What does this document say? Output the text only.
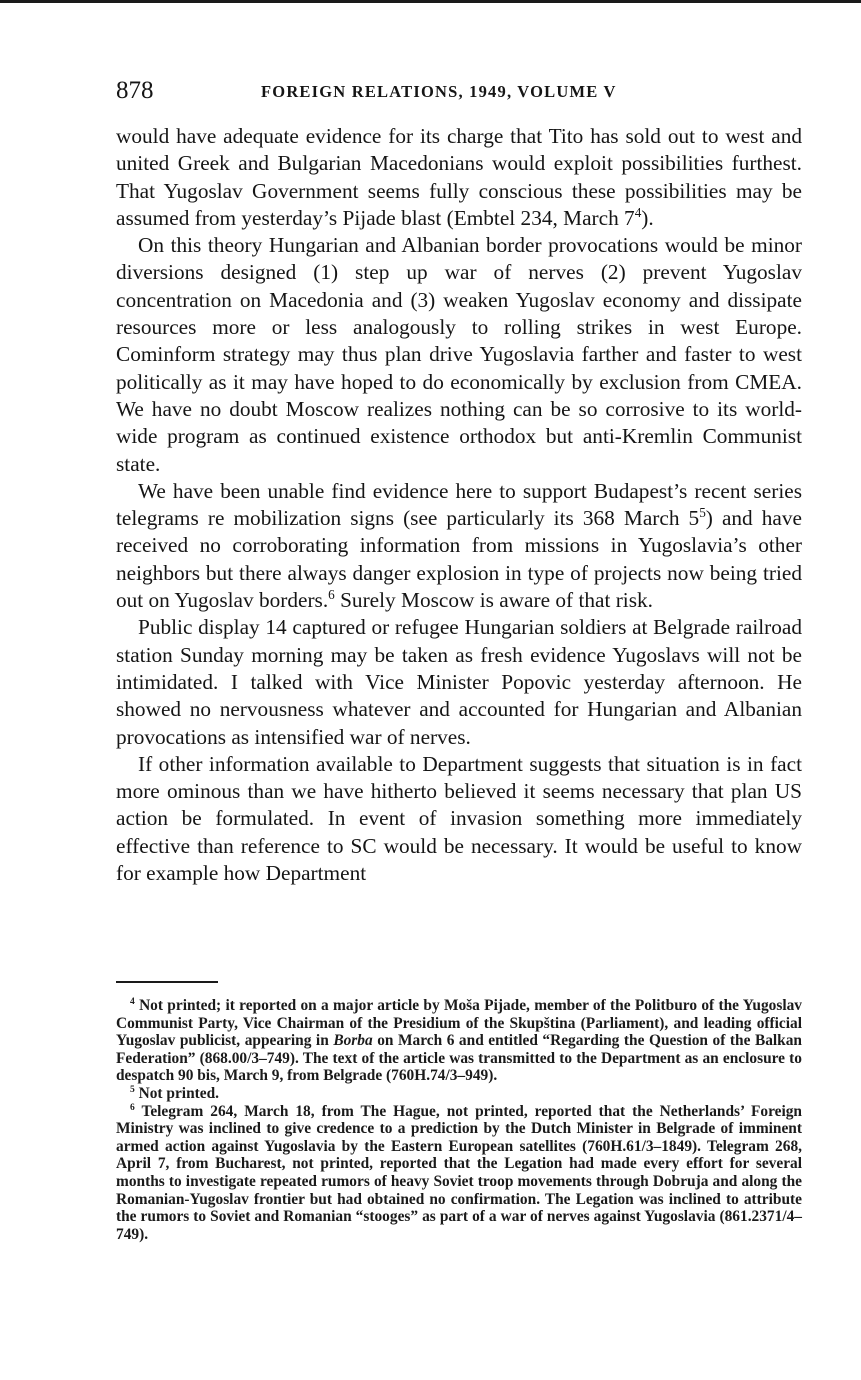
878	FOREIGN RELATIONS, 1949, VOLUME V

would have adequate evidence for its charge that Tito has sold out to west and united Greek and Bulgarian Macedonians would exploit possibilities furthest. That Yugoslav Government seems fully conscious these possibilities may be assumed from yesterday’s Pijade blast (Embtel 234, March $7^4$).

On this theory Hungarian and Albanian border provocations would be minor diversions designed (1) step up war of nerves (2) prevent Yugoslav concentration on Macedonia and (3) weaken Yugoslav economy and dissipate resources more or less analogously to rolling strikes in west Europe. Cominform strategy may thus plan drive Yugoslavia farther and faster to west politically as it may have hoped to do economically by exclusion from CMEA. We have no doubt Moscow realizes nothing can be so corrosive to its world-wide program as continued existence orthodox but anti-Kremlin Communist state.

We have been unable find evidence here to support Budapest’s recent series telegrams re mobilization signs (see particularly its 368 March $5^5$) and have received no corroborating information from missions in Yugoslavia’s other neighbors but there always danger explosion in type of projects now being tried out on Yugoslav borders.$^6$ Surely Moscow is aware of that risk.

Public display 14 captured or refugee Hungarian soldiers at Belgrade railroad station Sunday morning may be taken as fresh evidence Yugoslavs will not be intimidated. I talked with Vice Minister Popovic yesterday afternoon. He showed no nervousness whatever and accounted for Hungarian and Albanian provocations as intensified war of nerves.

If other information available to Department suggests that situation is in fact more ominous than we have hitherto believed it seems necessary that plan US action be formulated. In event of invasion something more immediately effective than reference to SC would be necessary. It would be useful to know for example how Department

$^4$ Not printed; it reported on a major article by Moša Pijade, member of the Politburo of the Yugoslav Communist Party, Vice Chairman of the Presidium of the Skupština (Parliament), and leading official Yugoslav publicist, appearing in Borba on March 6 and entitled “Regarding the Question of the Balkan Federation” (868.00/3–749). The text of the article was transmitted to the Department as an enclosure to despatch 90 bis, March 9, from Belgrade (760H.74/3–949).

$^5$ Not printed.

$^6$ Telegram 264, March 18, from The Hague, not printed, reported that the Netherlands’ Foreign Ministry was inclined to give credence to a prediction by the Dutch Minister in Belgrade of imminent armed action against Yugoslavia by the Eastern European satellites (760H.61/3–1849). Telegram 268, April 7, from Bucharest, not printed, reported that the Legation had made every effort for several months to investigate repeated rumors of heavy Soviet troop movements through Dobruja and along the Romanian-Yugoslav frontier but had obtained no confirmation. The Legation was inclined to attribute the rumors to Soviet and Romanian “stooges” as part of a war of nerves against Yugoslavia (861.2371/4–749).
